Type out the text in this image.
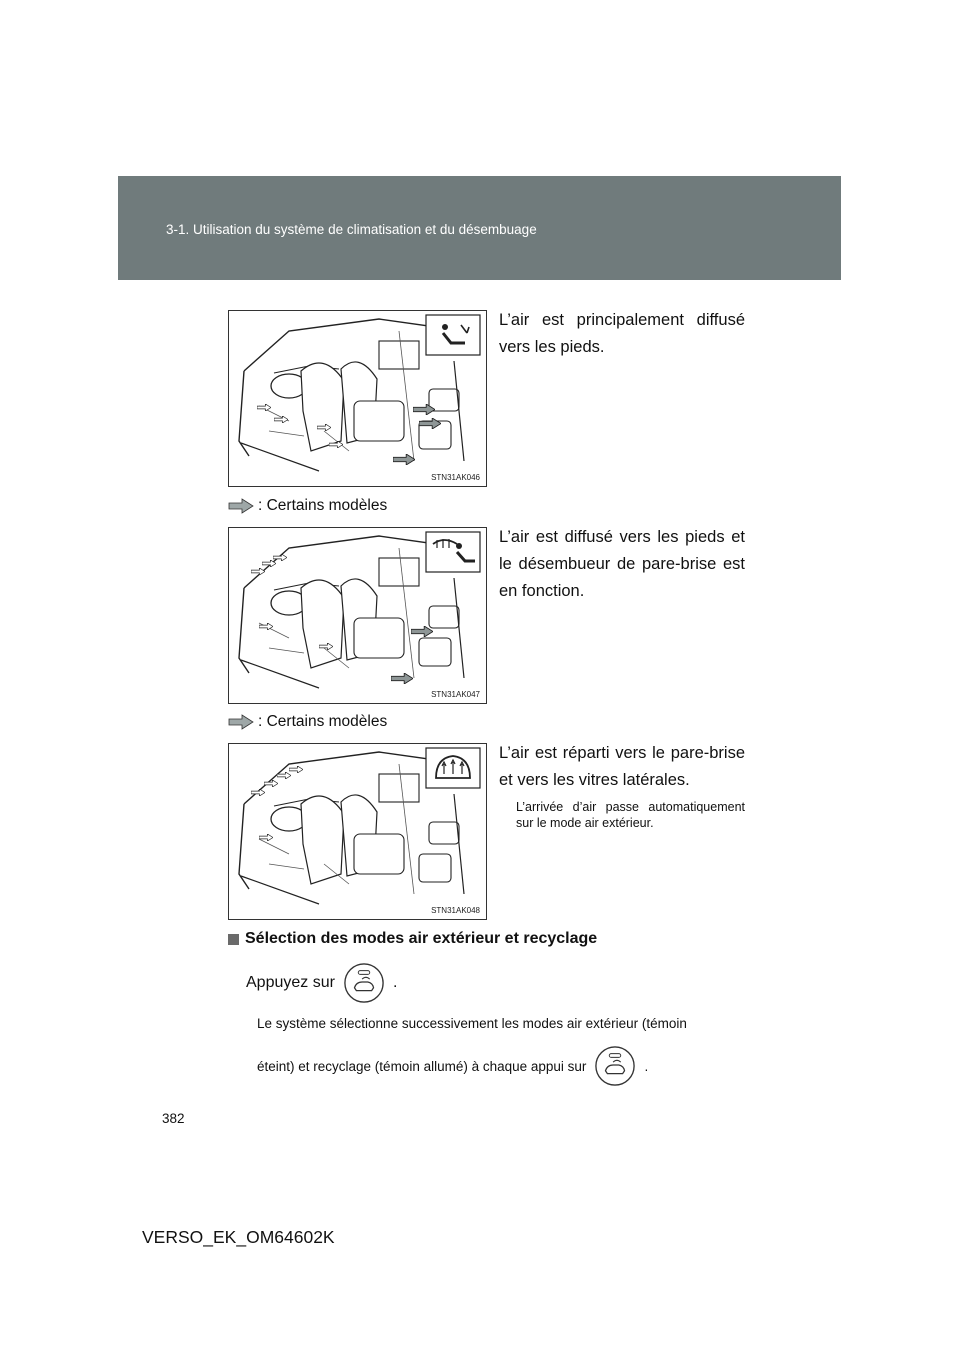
3-1. Utilisation du système de climatisation et du désembuage
STN31AK046
L’air est principalement diffusé vers les pieds.
: Certains modèles
STN31AK047
L’air est diffusé vers les pieds et le désembueur de pare-brise est en fonction.
: Certains modèles
STN31AK048
L’air est réparti vers le pare-brise et vers les vitres latérales.
L’arrivée d’air passe automatiquement sur le mode air extérieur.
Sélection des modes air extérieur et recyclage
Appuyez sur	.
Le système sélectionne successivement les modes air extérieur (témoin
éteint) et recyclage (témoin allumé) à chaque appui sur	.
382
VERSO_EK_OM64602K
